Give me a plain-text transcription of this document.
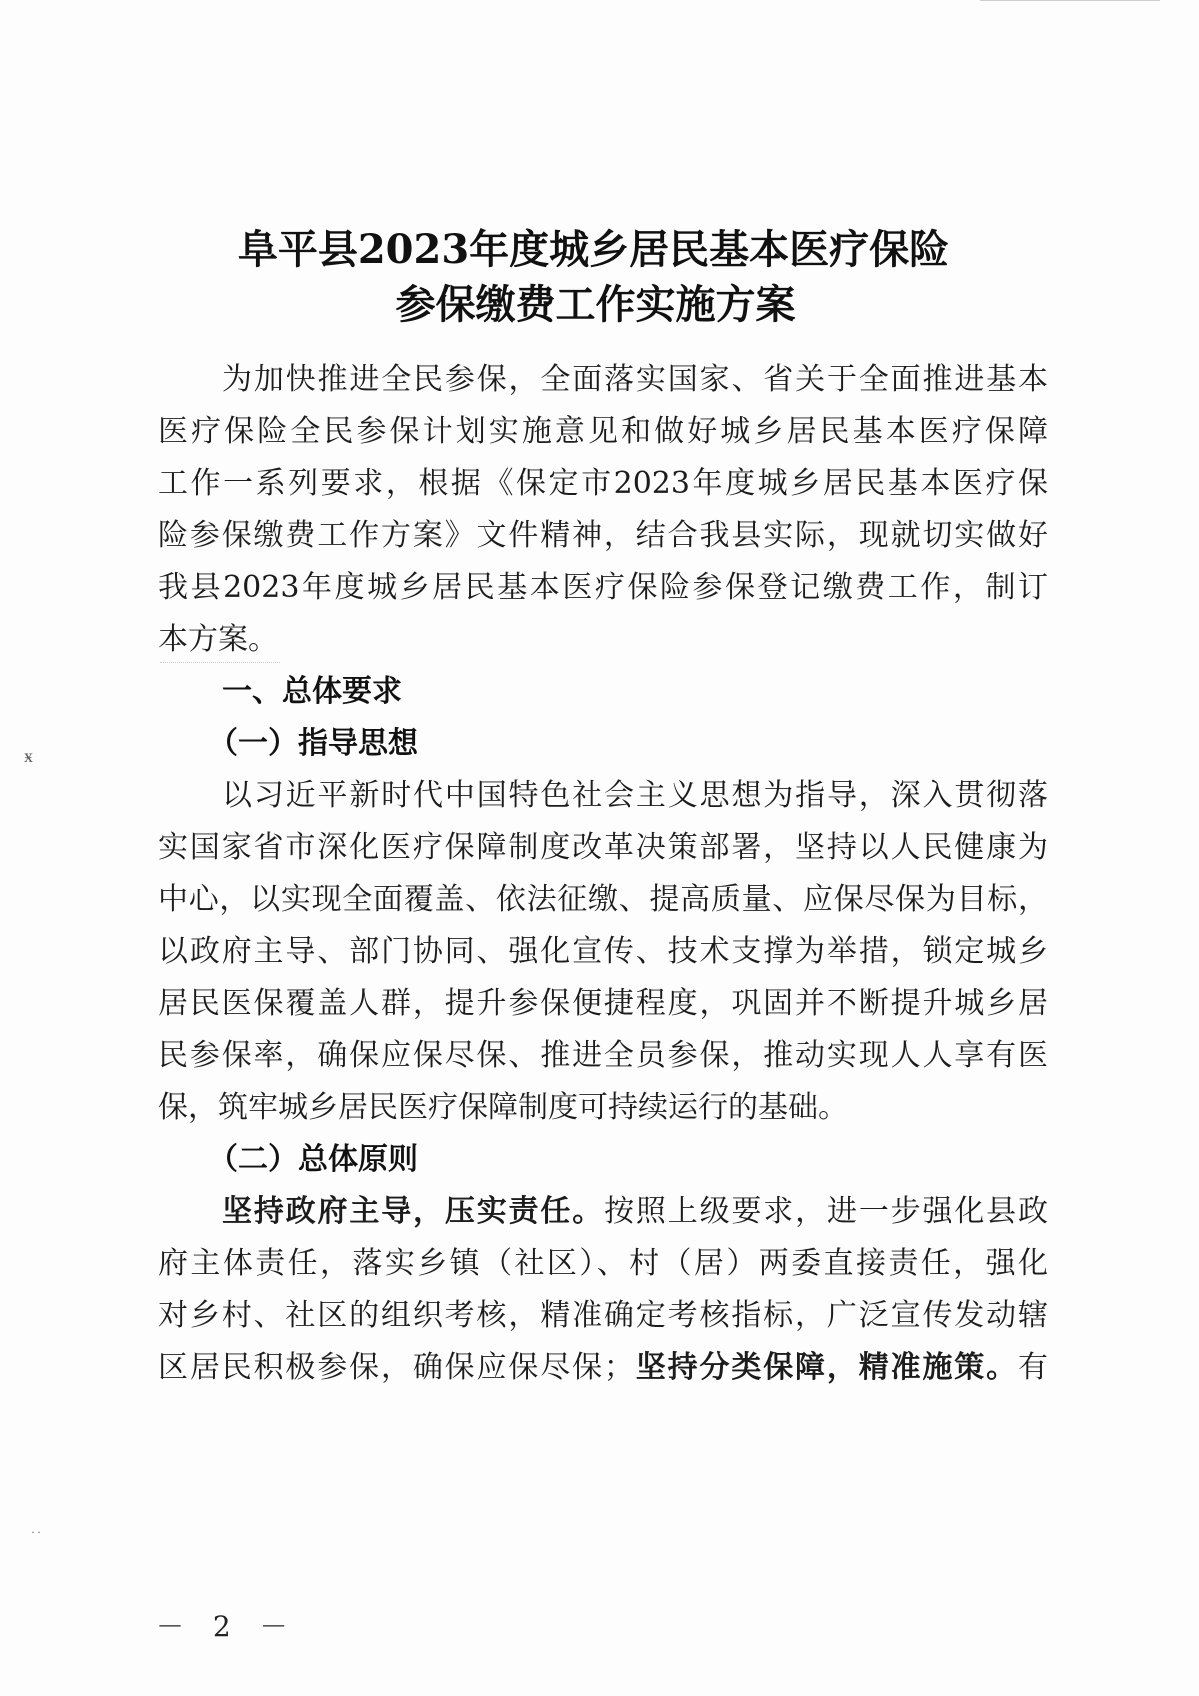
阜平县2023年度城乡居民基本医疗保险
参保缴费工作实施方案
为加快推进全民参保，全面落实国家、省关于全面推进基本
医疗保险全民参保计划实施意见和做好城乡居民基本医疗保障
工作一系列要求，根据《保定市2023年度城乡居民基本医疗保
险参保缴费工作方案》文件精神，结合我县实际，现就切实做好
我县2023年度城乡居民基本医疗保险参保登记缴费工作，制订
本方案。
一、总体要求
（一）指导思想
以习近平新时代中国特色社会主义思想为指导，深入贯彻落
实国家省市深化医疗保障制度改革决策部署，坚持以人民健康为
中心，以实现全面覆盖、依法征缴、提高质量、应保尽保为目标，
以政府主导、部门协同、强化宣传、技术支撑为举措，锁定城乡
居民医保覆盖人群，提升参保便捷程度，巩固并不断提升城乡居
民参保率，确保应保尽保、推进全员参保，推动实现人人享有医
保，筑牢城乡居民医疗保障制度可持续运行的基础。
（二）总体原则
坚持政府主导，压实责任。按照上级要求，进一步强化县政
府主体责任，落实乡镇（社区）、村（居）两委直接责任，强化
对乡村、社区的组织考核，精准确定考核指标，广泛宣传发动辖
区居民积极参保，确保应保尽保；坚持分类保障，精准施策。有
－ 2 －
ӿ
˙˙
